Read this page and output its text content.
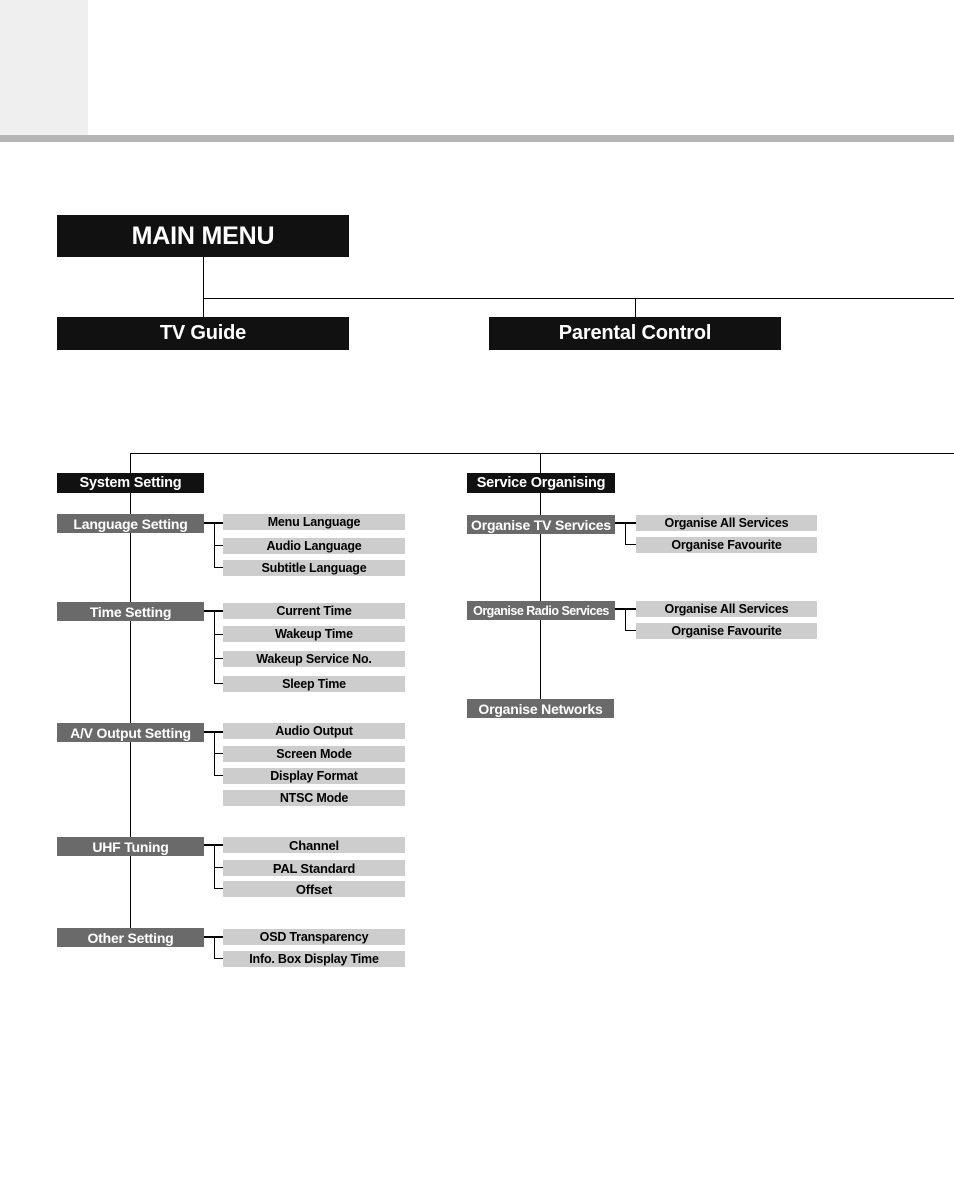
MAIN MENU
TV Guide	Parental Control
System Setting
Language Setting	Menu Language
Audio Language
Subtitle Language
Time Setting	Current Time
Wakeup Time
Wakeup Service No.
Sleep Time
A/V Output Setting	Audio Output
Screen Mode
Display Format
NTSC Mode
UHF Tuning	Channel
PAL Standard
Offset
Other Setting	OSD Transparency
Info. Box Display Time
Service Organising
Organise TV Services	Organise All Services
Organise Favourite
Organise Radio Services	Organise All Services
Organise Favourite
Organise Networks
